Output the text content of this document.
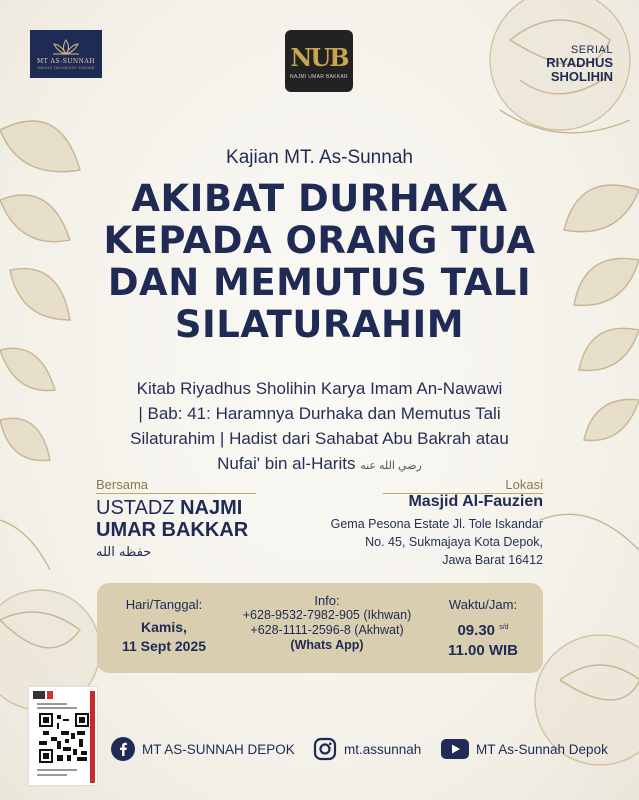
MT AS-SUNNAH
MAJLIS TAKLIM ASY SYAHAB	NUB
NAJMI UMAR BAKKAR
SERIAL
RIYADHUS
SHOLIHIN
Kajian MT. As-Sunnah
AKIBAT DURHAKA
KEPADA ORANG TUA
DAN MEMUTUS TALI
SILATURAHIM
Kitab Riyadhus Sholihin Karya Imam An-Nawawi
| Bab: 41: Haramnya Durhaka dan Memutus Tali
Silaturahim | Hadist dari Sahabat Abu Bakrah atau
Nufai' bin al-Harits رضي الله عنه
Bersama
USTADZ NAJMI
UMAR BAKKAR
حفظه الله
Lokasi
Masjid Al-Fauzien
Gema Pesona Estate Jl. Tole Iskandar
No. 45, Sukmajaya Kota Depok,
Jawa Barat 16412
Hari/Tanggal:
Kamis,
11 Sept 2025
Info:
+628-9532-7982-905 (Ikhwan)
+628-1111-2596-8 (Akhwat)
(Whats App)
Waktu/Jam:
09.30 $^{s/d}$
11.00 WIB
MT AS-SUNNAH DEPOK	mt.assunnah	MT As-Sunnah Depok
